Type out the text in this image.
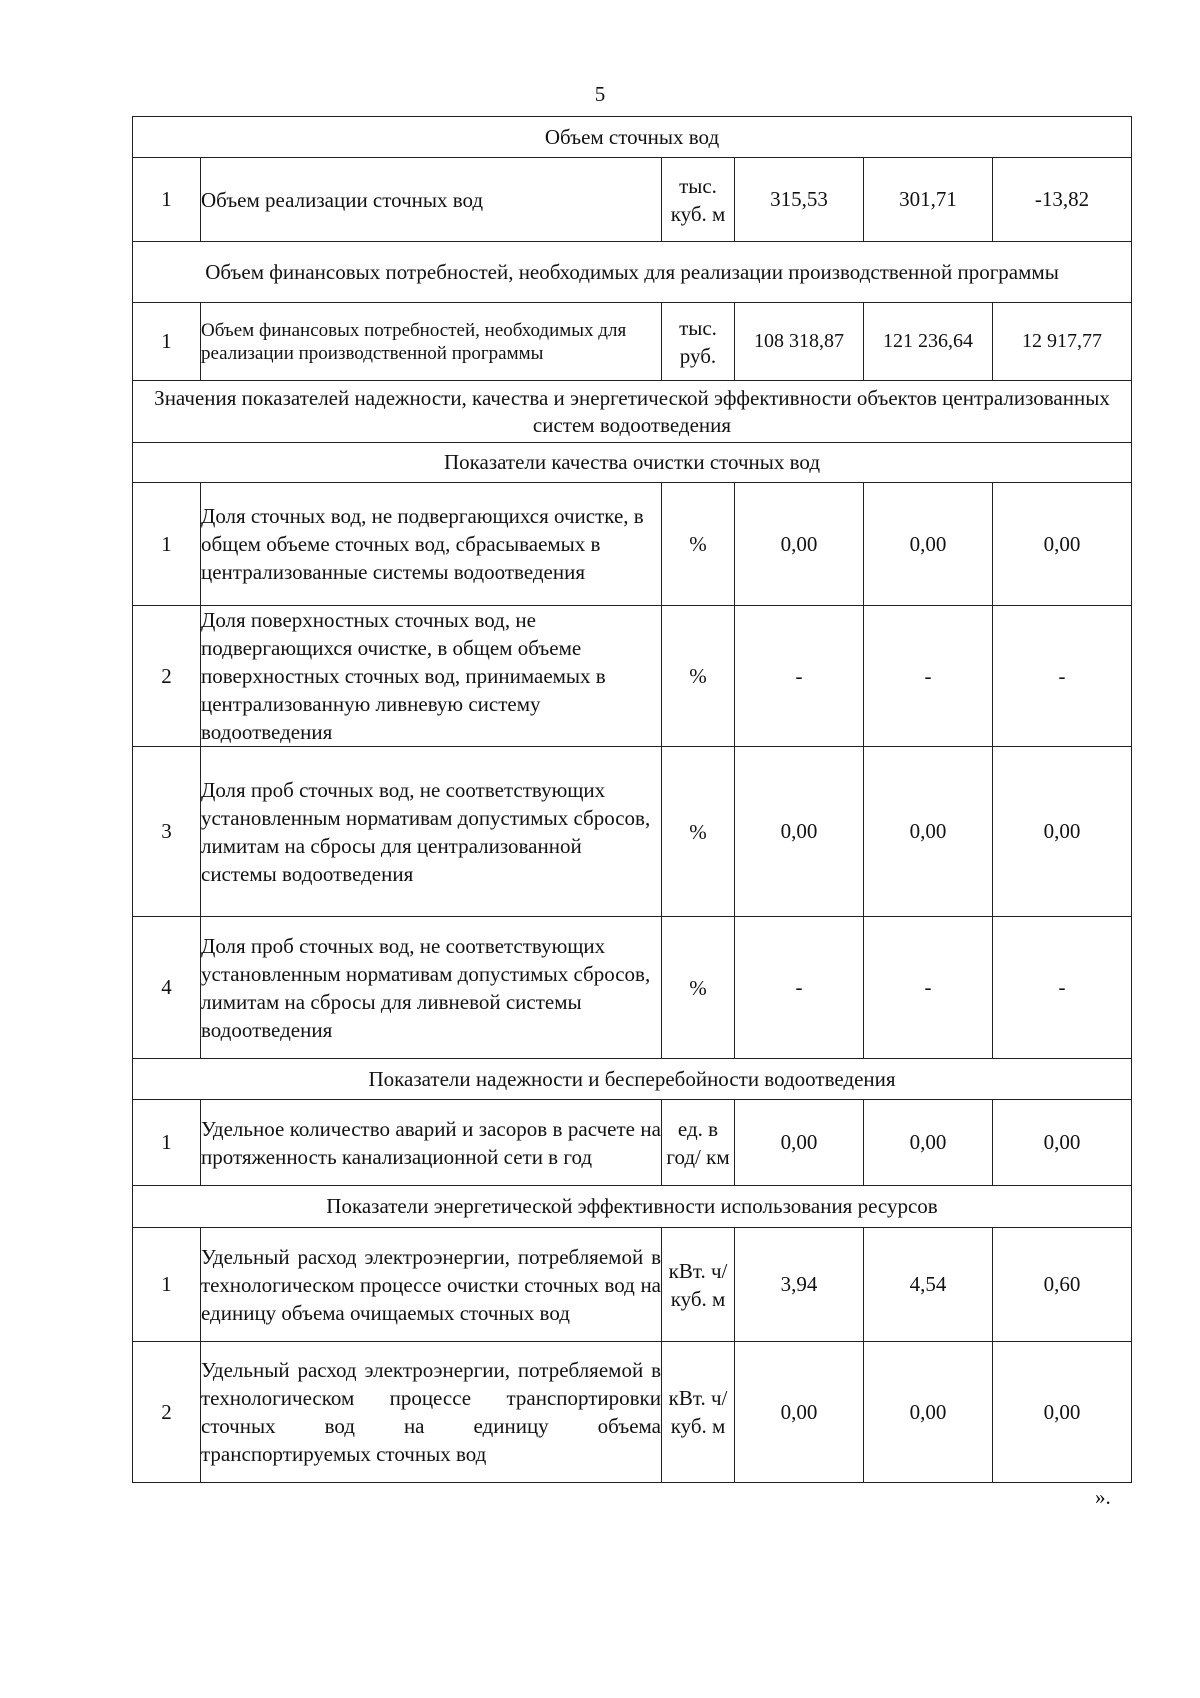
5
Объем сточных вод					
1	Объем реализации сточных вод	тыс. куб. м	315,53	301,71	-13,82
Объем финансовых потребностей, необходимых для реализации производственной программы					
1	Объем финансовых потребностей, необходимых для реализации производственной программы	тыс. руб.	108 318,87	121 236,64	12 917,77
Значения показателей надежности, качества и энергетической эффективности объектов централизованных систем водоотведения					
Показатели качества очистки сточных вод					
1	Доля сточных вод, не подвергающихся очистке, в общем объеме сточных вод, сбрасываемых в централизованные системы водоотведения	%	0,00	0,00	0,00
2	Доля поверхностных сточных вод, не подвергающихся очистке, в общем объеме поверхностных сточных вод, принимаемых в централизованную ливневую систему водоотведения	%	-	-	-
3	Доля проб сточных вод, не соответствующих установленным нормативам допустимых сбросов, лимитам на сбросы для централизованной системы водоотведения	%	0,00	0,00	0,00
4	Доля проб сточных вод, не соответствующих установленным нормативам допустимых сбросов, лимитам на сбросы для ливневой системы водоотведения	%	-	-	-
Показатели надежности и бесперебойности водоотведения					
1	Удельное количество аварий и засоров в расчете на протяженность канализационной сети в год	ед. в год/ км	0,00	0,00	0,00
Показатели энергетической эффективности использования ресурсов					
1	Удельный расход электроэнергии, потребляемой в технологическом процессе очистки сточных вод на единицу объема очищаемых сточных вод	кВт. ч/ куб. м	3,94	4,54	0,60
2	Удельный расход электроэнергии, потребляемой в технологическом процессе транспортировки сточных вод на единицу объема транспортируемых сточных вод	кВт. ч/ куб. м	0,00	0,00	0,00
».
